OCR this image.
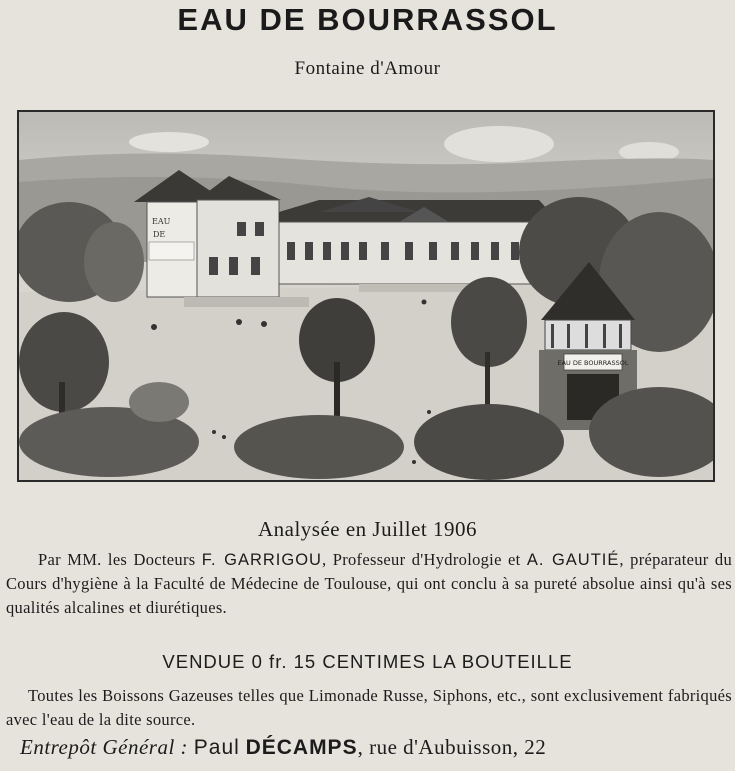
EAU DE BOURRASSOL
Fontaine d'Amour
EAU
DE
EAU DE BOURRASSOL
Analysée en Juillet 1906
Par MM. les Docteurs F. GARRIGOU, Professeur d'Hydrologie et A. GAUTIÉ, préparateur du Cours d'hygiène à la Faculté de Médecine de Toulouse, qui ont conclu à sa pureté absolue ainsi qu'à ses qualités alcalines et diurétiques.
VENDUE 0 fr. 15 CENTIMES LA BOUTEILLE
Toutes les Boissons Gazeuses telles que Limonade Russe, Siphons, etc., sont exclusivement fabriqués avec l'eau de la dite source.
Entrepôt Général : Paul DÉCAMPS, rue d'Aubuisson, 22
